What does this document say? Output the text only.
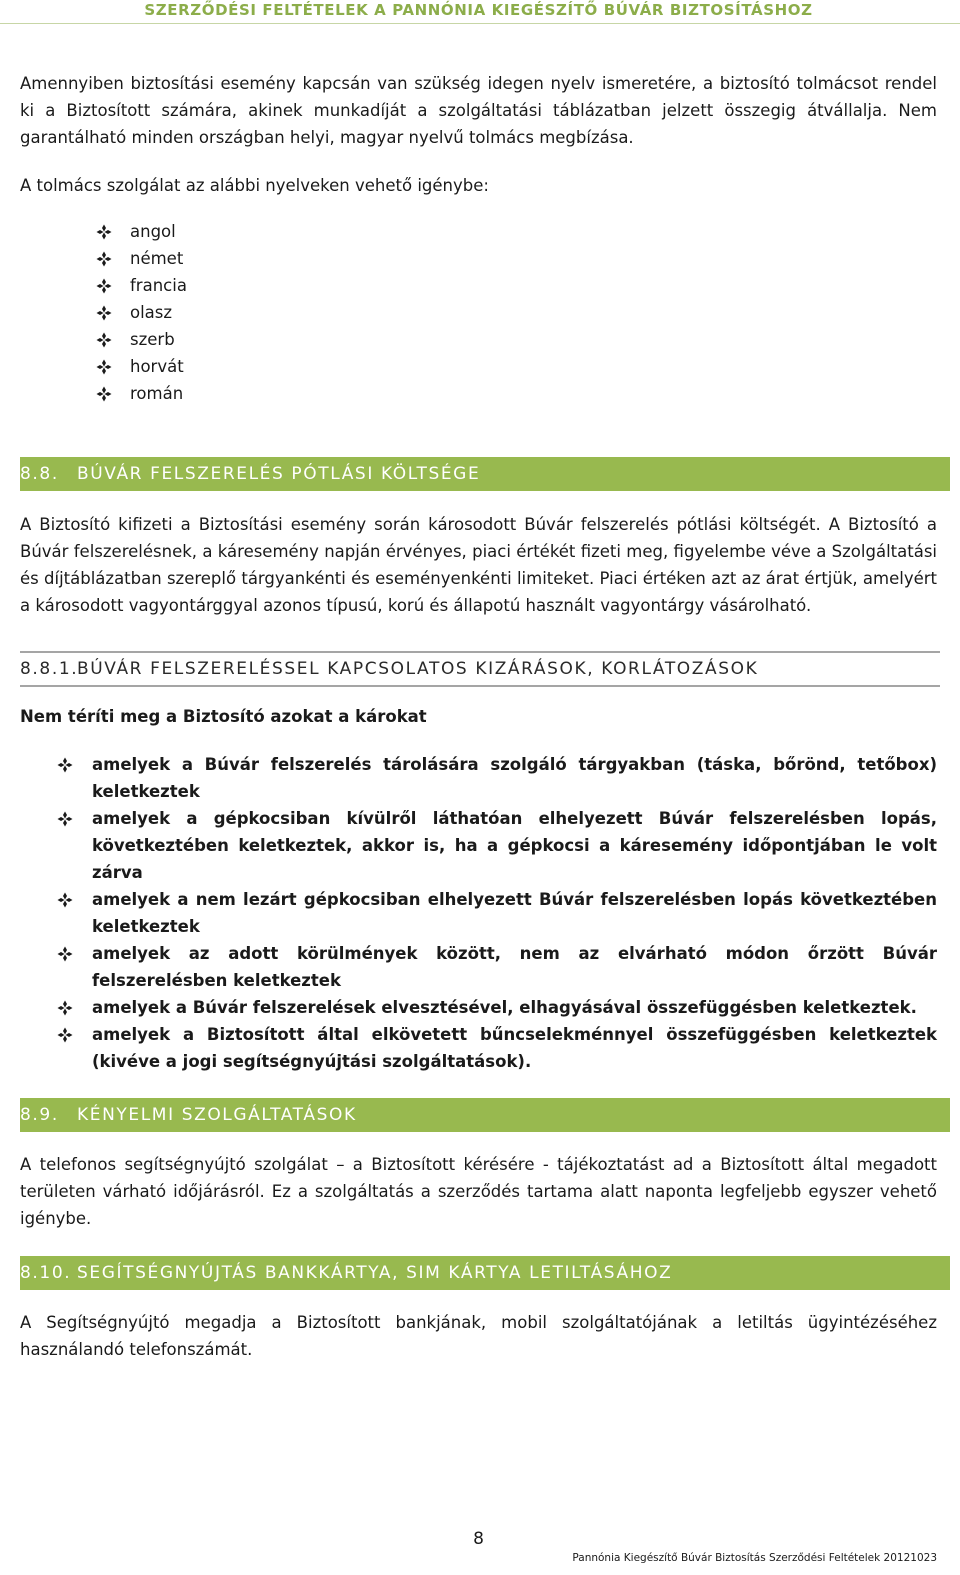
SZERZŐDÉSI FELTÉTELEK A PANNÓNIA KIEGÉSZÍTŐ BÚVÁR BIZTOSÍTÁSHOZ

Amennyiben biztosítási esemény kapcsán van szükség idegen nyelv ismeretére, a biztosító tolmácsot rendel ki a Biztosított számára, akinek munkadíját a szolgáltatási táblázatban jelzett összegig átvállalja. Nem garantálható minden országban helyi, magyar nyelvű tolmács megbízása.

A tolmács szolgálat az alábbi nyelveken vehető igénybe:

angol
német
francia
olasz
szerb
horvát
román
8.8.	BÚVÁR FELSZERELÉS PÓTLÁSI KÖLTSÉGE

A Biztosító kifizeti a Biztosítási esemény során károsodott Búvár felszerelés pótlási költségét. A Biztosító a Búvár felszerelésnek, a káresemény napján érvényes, piaci értékét fizeti meg, figyelembe véve a Szolgáltatási és díjtáblázatban szereplő tárgyankénti és eseményenkénti limiteket. Piaci értéken azt az árat értjük, amelyért a károsodott vagyontárggyal azonos típusú, korú és állapotú használt vagyontárgy vásárolható.

8.8.1.
BÚVÁR FELSZERELÉSSEL KAPCSOLATOS KIZÁRÁSOK, KORLÁTOZÁSOK

Nem téríti meg a Biztosító azokat a károkat

amelyek a Búvár felszerelés tárolására szolgáló tárgyakban (táska, bőrönd, tetőbox) keletkeztek
amelyek a gépkocsiban kívülről láthatóan elhelyezett Búvár felszerelésben lopás, következtében keletkeztek, akkor is, ha a gépkocsi a káresemény időpontjában le volt zárva
amelyek a nem lezárt gépkocsiban elhelyezett Búvár felszerelésben lopás következtében keletkeztek
amelyek az adott körülmények között, nem az elvárható módon őrzött Búvár felszerelésben keletkeztek
amelyek a Búvár felszerelések elvesztésével, elhagyásával összefüggésben keletkeztek.
amelyek a Biztosított által elkövetett bűncselekménnyel összefüggésben keletkeztek (kivéve a jogi segítségnyújtási szolgáltatások).
8.9.	KÉNYELMI SZOLGÁLTATÁSOK

A telefonos segítségnyújtó szolgálat – a Biztosított kérésére - tájékoztatást ad a Biztosított által megadott területen várható időjárásról. Ez a szolgáltatás a szerződés tartama alatt naponta legfeljebb egyszer vehető igénybe.

8.10. SEGÍTSÉGNYÚJTÁS BANKKÁRTYA, SIM KÁRTYA LETILTÁSÁHOZ

A Segítségnyújtó megadja a Biztosított bankjának, mobil szolgáltatójának a letiltás ügyintézéséhez használandó telefonszámát.

8
Pannónia Kiegészítő Búvár Biztosítás Szerződési Feltételek 20121023
